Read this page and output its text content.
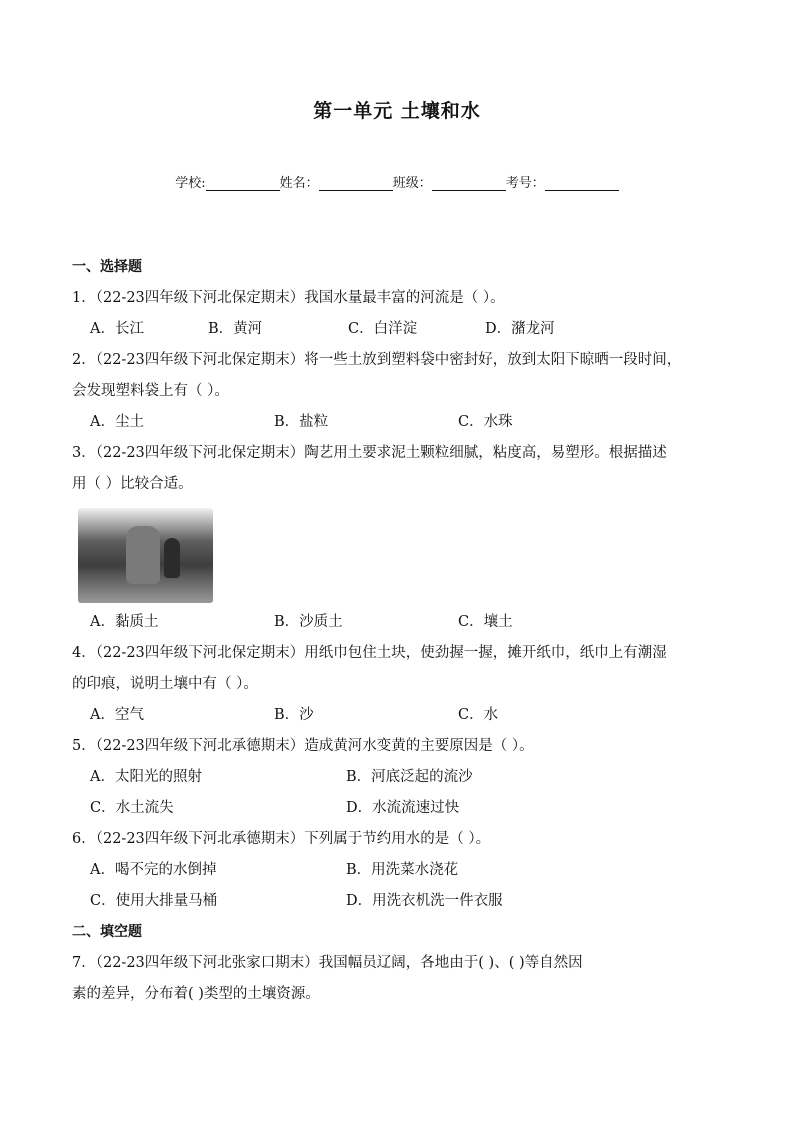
第一单元 土壤和水
学校:	姓名：	班级：	考号：
一、选择题
1．（22-23四年级下河北保定期末）我国水量最丰富的河流是（ ）。
A．长江	B．黄河	C．白洋淀	D．潴龙河
2．（22-23四年级下河北保定期末）将一些土放到塑料袋中密封好，放到太阳下晾晒一段时间，
会发现塑料袋上有（ ）。
A．尘土	B．盐粒	C．水珠
3．（22-23四年级下河北保定期末）陶艺用土要求泥土颗粒细腻，粘度高，易塑形。根据描述
用（ ）比较合适。
A．黏质土	B．沙质土	C．壤土
4．（22-23四年级下河北保定期末）用纸巾包住土块，使劲握一握，摊开纸巾，纸巾上有潮湿
的印痕，说明土壤中有（ ）。
A．空气	B．沙	C．水
5．（22-23四年级下河北承德期末）造成黄河水变黄的主要原因是（ ）。
A．太阳光的照射	B．河底泛起的流沙
C．水土流失	D．水流流速过快
6．（22-23四年级下河北承德期末）下列属于节约用水的是（ ）。
A．喝不完的水倒掉	B．用洗菜水浇花
C．使用大排量马桶	D．用洗衣机洗一件衣服
二、填空题
7．（22-23四年级下河北张家口期末）我国幅员辽阔，各地由于( )、( )等自然因
素的差异，分布着( )类型的土壤资源。
